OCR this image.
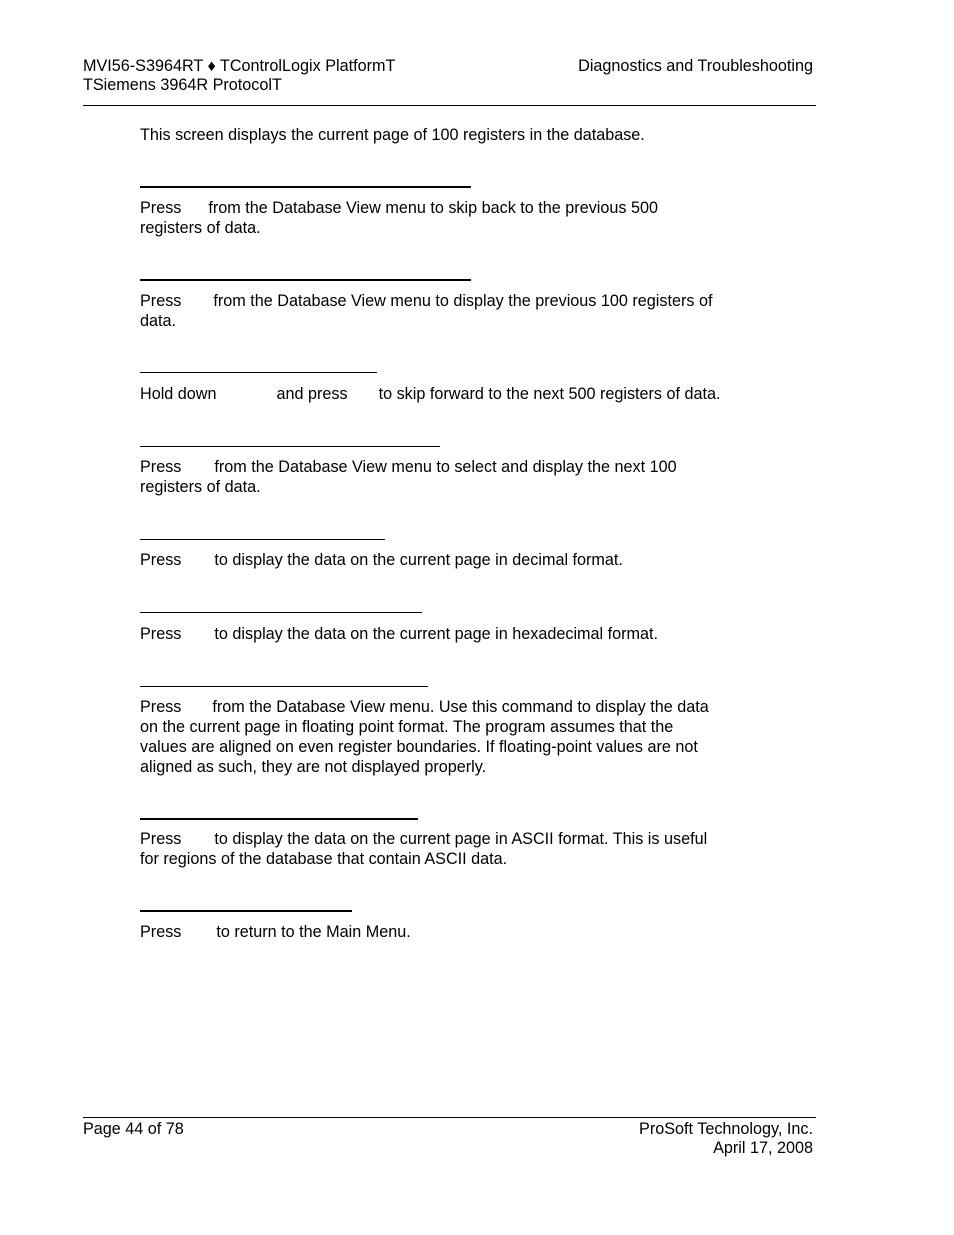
MVI56-S3964RT ♦ TControlLogix PlatformT
TSiemens 3964R ProtocolT
Diagnostics and Troubleshooting
This screen displays the current page of 100 registers in the database.
Press from the Database View menu to skip back to the previous 500
registers of data.
Press from the Database View menu to display the previous 100 registers of
data.
Hold down	and press to skip forward to the next 500 registers of data.
Press from the Database View menu to select and display the next 100
registers of data.
Press to display the data on the current page in decimal format.
Press to display the data on the current page in hexadecimal format.
Press from the Database View menu. Use this command to display the data
on the current page in floating point format. The program assumes that the
values are aligned on even register boundaries. If floating-point values are not
aligned as such, they are not displayed properly.
Press to display the data on the current page in ASCII format. This is useful
for regions of the database that contain ASCII data.
Press to return to the Main Menu.
Page 44 of 78	ProSoft Technology, Inc.
April 17, 2008
